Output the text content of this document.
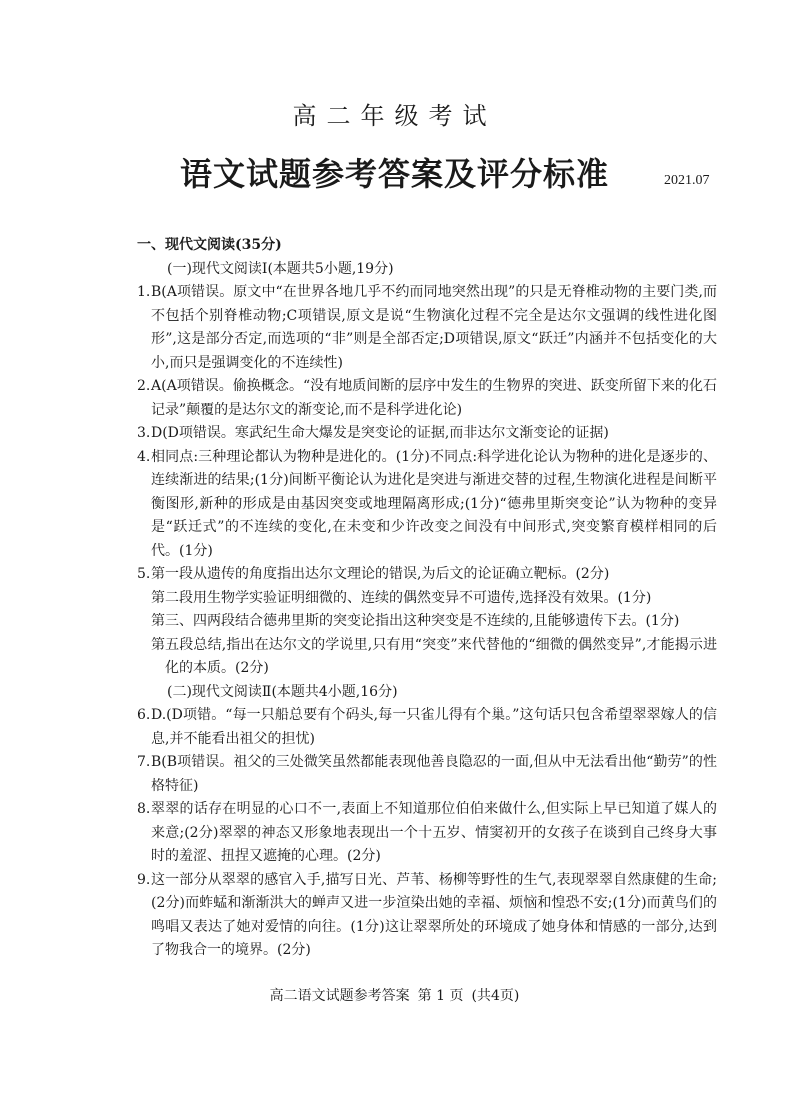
高二年级考试
语文试题参考答案及评分标准	2021.07
一、现代文阅读(35分)
(一)现代文阅读Ⅰ(本题共5小题,19分)
1. B(A项错误。原文中“在世界各地几乎不约而同地突然出现”的只是无脊椎动物的主要门类,而不包括个别脊椎动物;C项错误,原文是说“生物演化过程不完全是达尔文强调的线性进化图形”,这是部分否定,而选项的“非”则是全部否定;D项错误,原文“跃迁”内涵并不包括变化的大小,而只是强调变化的不连续性)
2. A(A项错误。偷换概念。“没有地质间断的层序中发生的生物界的突进、跃变所留下来的化石记录”颠覆的是达尔文的渐变论,而不是科学进化论)
3. D(D项错误。寒武纪生命大爆发是突变论的证据,而非达尔文渐变论的证据)
4. 相同点:三种理论都认为物种是进化的。(1分)不同点:科学进化论认为物种的进化是逐步的、连续渐进的结果;(1分)间断平衡论认为进化是突进与渐进交替的过程,生物演化进程是间断平衡图形,新种的形成是由基因突变或地理隔离形成;(1分)“德弗里斯突变论”认为物种的变异是“跃迁式”的不连续的变化,在未变和少许改变之间没有中间形式,突变繁育模样相同的后代。(1分)
5. 第一段从遗传的角度指出达尔文理论的错误,为后文的论证确立靶标。(2分)
第二段用生物学实验证明细微的、连续的偶然变异不可遗传,选择没有效果。(1分)
第三、四两段结合德弗里斯的突变论指出这种突变是不连续的,且能够遗传下去。(1分)
第五段总结,指出在达尔文的学说里,只有用“突变”来代替他的“细微的偶然变异”,才能揭示进化的本质。(2分)
(二)现代文阅读Ⅱ(本题共4小题,16分)
6. D.(D项错。“每一只船总要有个码头,每一只雀儿得有个巢。”这句话只包含希望翠翠嫁人的信息,并不能看出祖父的担忧)
7. B(B项错误。祖父的三处微笑虽然都能表现他善良隐忍的一面,但从中无法看出他“勤劳”的性格特征)
8. 翠翠的话存在明显的心口不一,表面上不知道那位伯伯来做什么,但实际上早已知道了媒人的来意;(2分)翠翠的神态又形象地表现出一个十五岁、情窦初开的女孩子在谈到自己终身大事时的羞涩、扭捏又遮掩的心理。(2分)
9. 这一部分从翠翠的感官入手,描写日光、芦苇、杨柳等野性的生气,表现翠翠自然康健的生命;(2分)而蚱蜢和渐渐洪大的蝉声又进一步渲染出她的幸福、烦恼和惶恐不安;(1分)而黄鸟们的鸣唱又表达了她对爱情的向往。(1分)这让翠翠所处的环境成了她身体和情感的一部分,达到了物我合一的境界。(2分)
高二语文试题参考答案 第 1 页 (共4页)
